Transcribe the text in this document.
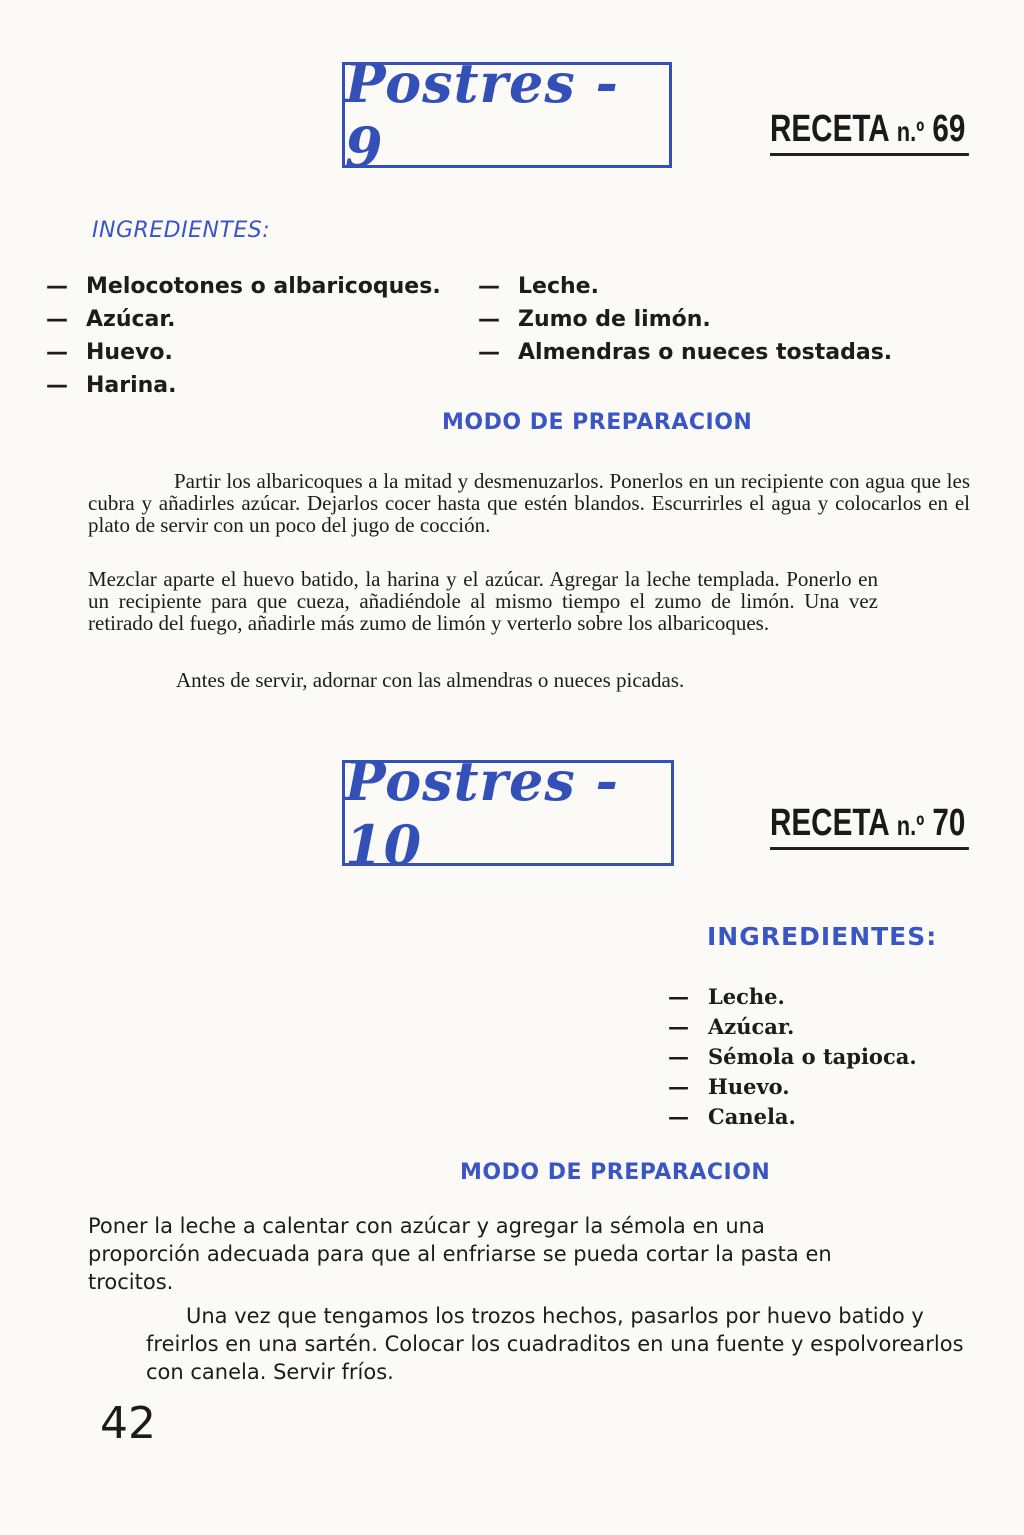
Postres - 9	RECETA n.º 69
INGREDIENTES:
— Melocotones o albaricoques.
— Azúcar.
— Huevo.
— Harina.
— Leche.
— Zumo de limón.
— Almendras o nueces tostadas.
MODO DE PREPARACION

Partir los albaricoques a la mitad y desmenuzarlos. Ponerlos en un recipiente con agua que les cubra y añadirles azúcar. Dejarlos cocer hasta que estén blandos. Escurrirles el agua y colocarlos en el plato de servir con un poco del jugo de cocción.

Mezclar aparte el huevo batido, la harina y el azúcar. Agregar la leche templada. Ponerlo en un recipiente para que cueza, añadiéndole al mismo tiempo el zumo de limón. Una vez retirado del fuego, añadirle más zumo de limón y verterlo sobre los albaricoques.

Antes de servir, adornar con las almendras o nueces picadas.

Postres - 10	RECETA n.º 70
INGREDIENTES:
— Leche.
— Azúcar.
— Sémola o tapioca.
— Huevo.
— Canela.
MODO DE PREPARACION

Poner la leche a calentar con azúcar y agregar la sémola en una proporción adecuada para que al enfriarse se pueda cortar la pasta en trocitos.

Una vez que tengamos los trozos hechos, pasarlos por huevo batido y freirlos en una sartén. Colocar los cuadraditos en una fuente y espolvorearlos con canela. Servir fríos.

42
